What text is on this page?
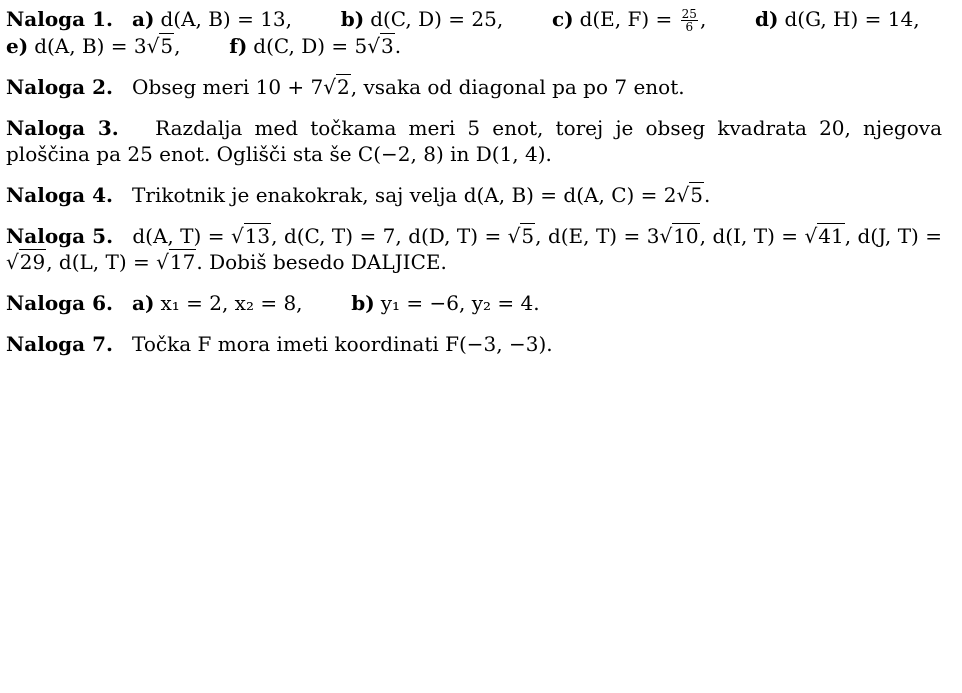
Naloga 1. a) d(A, B) = 13, b) d(C, D) = 25, c) d(E, $F) = \frac{25}{6}$ , d) d(G, H) = 14,
e) d(A, B) = 3√5, f) d(C, D) = 5√3.
Naloga 2. Obseg meri 10 + 7√2, vsaka od diagonal pa po 7 enot.
Naloga 3. Razdalja med točkama meri 5 enot, torej je obseg kvadrata 20, njegova ploščina pa 25 enot. Oglišči sta še C(−2, 8) in D(1, 4).
Naloga 4. Trikotnik je enakokrak, saj velja d(A, B) = d(A, C) = 2√5.
Naloga 5. d(A, T) = √13, d(C, T) = 7, d(D, T) = √5, d(E, T) = 3√10, d(I, T) = √41, d(J, T) = √29, d(L, T) = √17. Dobiš besedo DALJICE.
Naloga 6. a) x₁ = 2, x₂ = 8, b) y₁ = −6, y₂ = 4.
Naloga 7. Točka F mora imeti koordinati F(−3, −3).
